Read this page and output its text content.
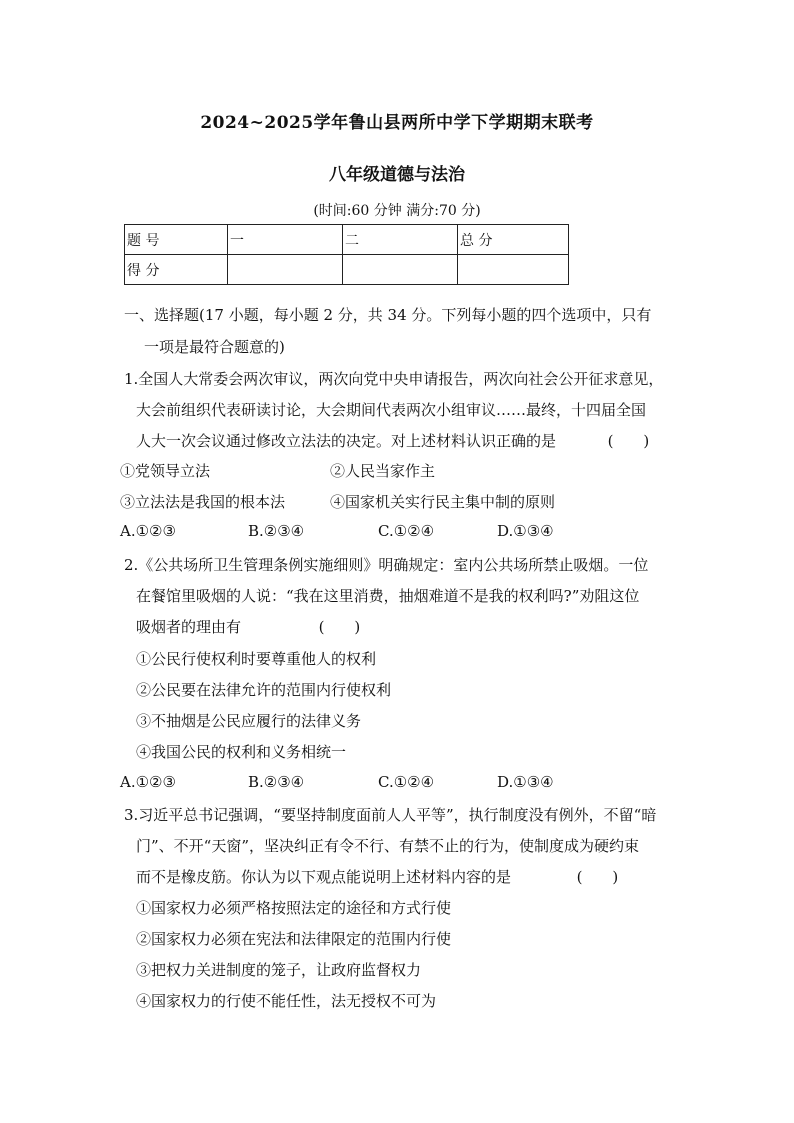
2024~2025学年鲁山县两所中学下学期期末联考
八年级道德与法治
(时间:60 分钟 满分:70 分)
题 号	一	二	总 分
得 分			
一、选择题(17 小题，每小题 2 分，共 34 分。下列每小题的四个选项中，只有
一项是最符合题意的)
1.全国人大常委会两次审议，两次向党中央申请报告，两次向社会公开征求意见，
大会前组织代表研读讨论，大会期间代表两次小组审议……最终，十四届全国
人大一次会议通过修改立法法的决定。对上述材料认识正确的是	(　　)
①党领导立法	②人民当家作主
③立法法是我国的根本法	④国家机关实行民主集中制的原则
A.①②③	B.②③④	C.①②④	D.①③④
2.《公共场所卫生管理条例实施细则》明确规定：室内公共场所禁止吸烟。一位
在餐馆里吸烟的人说：“我在这里消费，抽烟难道不是我的权利吗?”劝阻这位
吸烟者的理由有	(　　)
①公民行使权利时要尊重他人的权利
②公民要在法律允许的范围内行使权利
③不抽烟是公民应履行的法律义务
④我国公民的权利和义务相统一
A.①②③	B.②③④	C.①②④	D.①③④
3.习近平总书记强调，“要坚持制度面前人人平等”，执行制度没有例外，不留“暗
门”、不开“天窗”，坚决纠正有令不行、有禁不止的行为，使制度成为硬约束
而不是橡皮筋。你认为以下观点能说明上述材料内容的是	(　　)
①国家权力必须严格按照法定的途径和方式行使
②国家权力必须在宪法和法律限定的范围内行使
③把权力关进制度的笼子，让政府监督权力
④国家权力的行使不能任性，法无授权不可为
